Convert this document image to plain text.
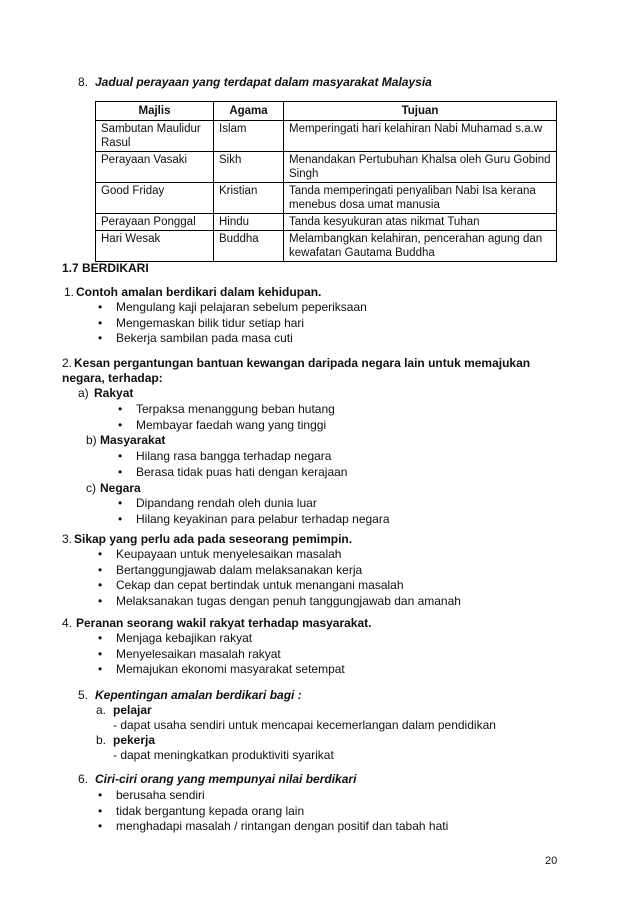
8. Jadual perayaan yang terdapat dalam masyarakat Malaysia
Majlis	Agama	Tujuan
Sambutan Maulidur Rasul	Islam	Memperingati hari kelahiran Nabi Muhamad s.a.w
Perayaan Vasaki	Sikh	Menandakan Pertubuhan Khalsa oleh Guru Gobind Singh
Good Friday	Kristian	Tanda memperingati penyaliban Nabi Isa kerana menebus dosa umat manusia
Perayaan Ponggal	Hindu	Tanda kesyukuran atas nikmat Tuhan
Hari Wesak	Buddha	Melambangkan kelahiran, pencerahan agung dan kewafatan Gautama Buddha
1.7 BERDIKARI
1. Contoh amalan berdikari dalam kehidupan.
• Mengulang kaji pelajaran sebelum peperiksaan
• Mengemaskan bilik tidur setiap hari
• Bekerja sambilan pada masa cuti
2. Kesan pergantungan bantuan kewangan daripada negara lain untuk memajukan
negara, terhadap:
a) Rakyat
• Terpaksa menanggung beban hutang
• Membayar faedah wang yang tinggi
b) Masyarakat
• Hilang rasa bangga terhadap negara
• Berasa tidak puas hati dengan kerajaan
c) Negara
• Dipandang rendah oleh dunia luar
• Hilang keyakinan para pelabur terhadap negara
3. Sikap yang perlu ada pada seseorang pemimpin.
• Keupayaan untuk menyelesaikan masalah
• Bertanggungjawab dalam melaksanakan kerja
• Cekap dan cepat bertindak untuk menangani masalah
• Melaksanakan tugas dengan penuh tanggungjawab dan amanah
4. Peranan seorang wakil rakyat terhadap masyarakat.
• Menjaga kebajikan rakyat
• Menyelesaikan masalah rakyat
• Memajukan ekonomi masyarakat setempat
5. Kepentingan amalan berdikari bagi :
a. pelajar
- dapat usaha sendiri untuk mencapai kecemerlangan dalam pendidikan
b. pekerja
- dapat meningkatkan produktiviti syarikat
6. Ciri-ciri orang yang mempunyai nilai berdikari
• berusaha sendiri
• tidak bergantung kepada orang lain
• menghadapi masalah / rintangan dengan positif dan tabah hati
20
